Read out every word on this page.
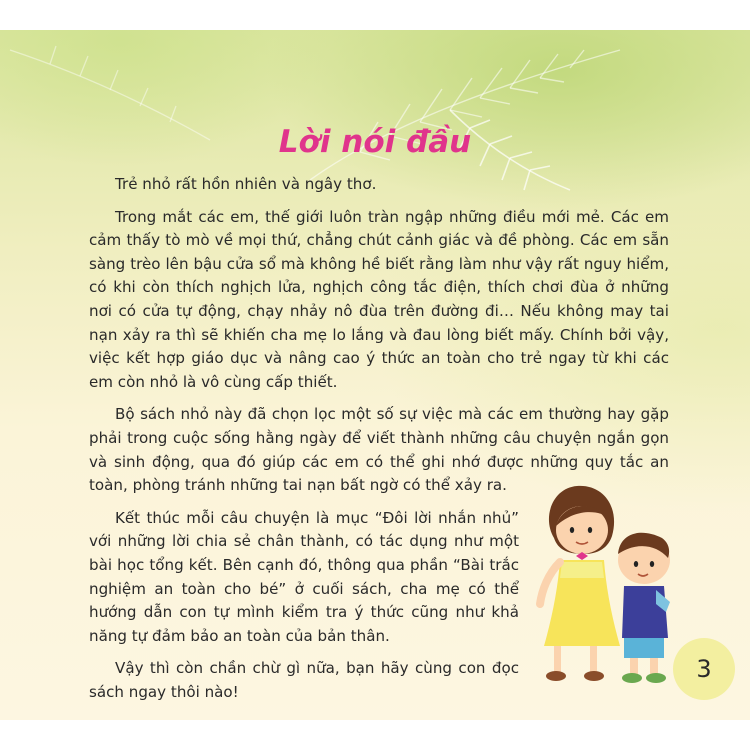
Lời nói đầu

Trẻ nhỏ rất hồn nhiên và ngây thơ.

Trong mắt các em, thế giới luôn tràn ngập những điều mới mẻ. Các em cảm thấy tò mò về mọi thứ, chẳng chút cảnh giác và đề phòng. Các em sẵn sàng trèo lên bậu cửa sổ mà không hề biết rằng làm như vậy rất nguy hiểm, có khi còn thích nghịch lửa, nghịch công tắc điện, thích chơi đùa ở những nơi có cửa tự động, chạy nhảy nô đùa trên đường đi… Nếu không may tai nạn xảy ra thì sẽ khiến cha mẹ lo lắng và đau lòng biết mấy. Chính bởi vậy, việc kết hợp giáo dục và nâng cao ý thức an toàn cho trẻ ngay từ khi các em còn nhỏ là vô cùng cấp thiết.

Bộ sách nhỏ này đã chọn lọc một số sự việc mà các em thường hay gặp phải trong cuộc sống hằng ngày để viết thành những câu chuyện ngắn gọn và sinh động, qua đó giúp các em có thể ghi nhớ được những quy tắc an toàn, phòng tránh những tai nạn bất ngờ có thể xảy ra.

Kết thúc mỗi câu chuyện là mục “Đôi lời nhắn nhủ” với những lời chia sẻ chân thành, có tác dụng như một bài học tổng kết. Bên cạnh đó, thông qua phần “Bài trắc nghiệm an toàn cho bé” ở cuối sách, cha mẹ có thể hướng dẫn con tự mình kiểm tra ý thức cũng như khả năng tự đảm bảo an toàn của bản thân.

Vậy thì còn chần chừ gì nữa, bạn hãy cùng con đọc sách ngay thôi nào!

3
